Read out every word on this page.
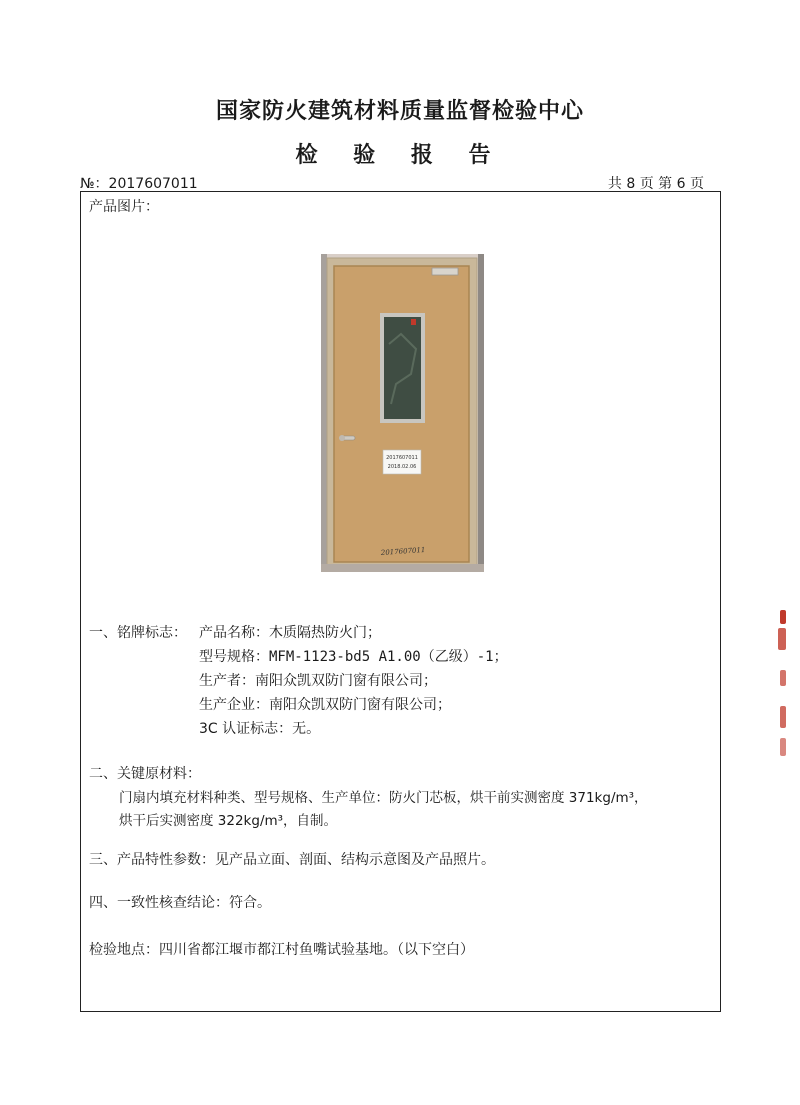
国家防火建筑材料质量监督检验中心
检 验 报 告
№：2017607011	共 8 页 第 6 页
产品图片：
2017607011
2018.02.06
2017607011
一、铭牌标志： 产品名称：木质隔热防火门；
型号规格：MFM-1123-bd5 A1.00（乙级）-1；
生产者：南阳众凯双防门窗有限公司；
生产企业：南阳众凯双防门窗有限公司；
3C 认证标志：无。
二、关键原材料：
门扇内填充材料种类、型号规格、生产单位：防火门芯板，烘干前实测密度 371kg/m³，
烘干后实测密度 322kg/m³，自制。
三、产品特性参数：见产品立面、剖面、结构示意图及产品照片。
四、一致性核查结论：符合。
检验地点：四川省都江堰市都江村鱼嘴试验基地。（以下空白）
